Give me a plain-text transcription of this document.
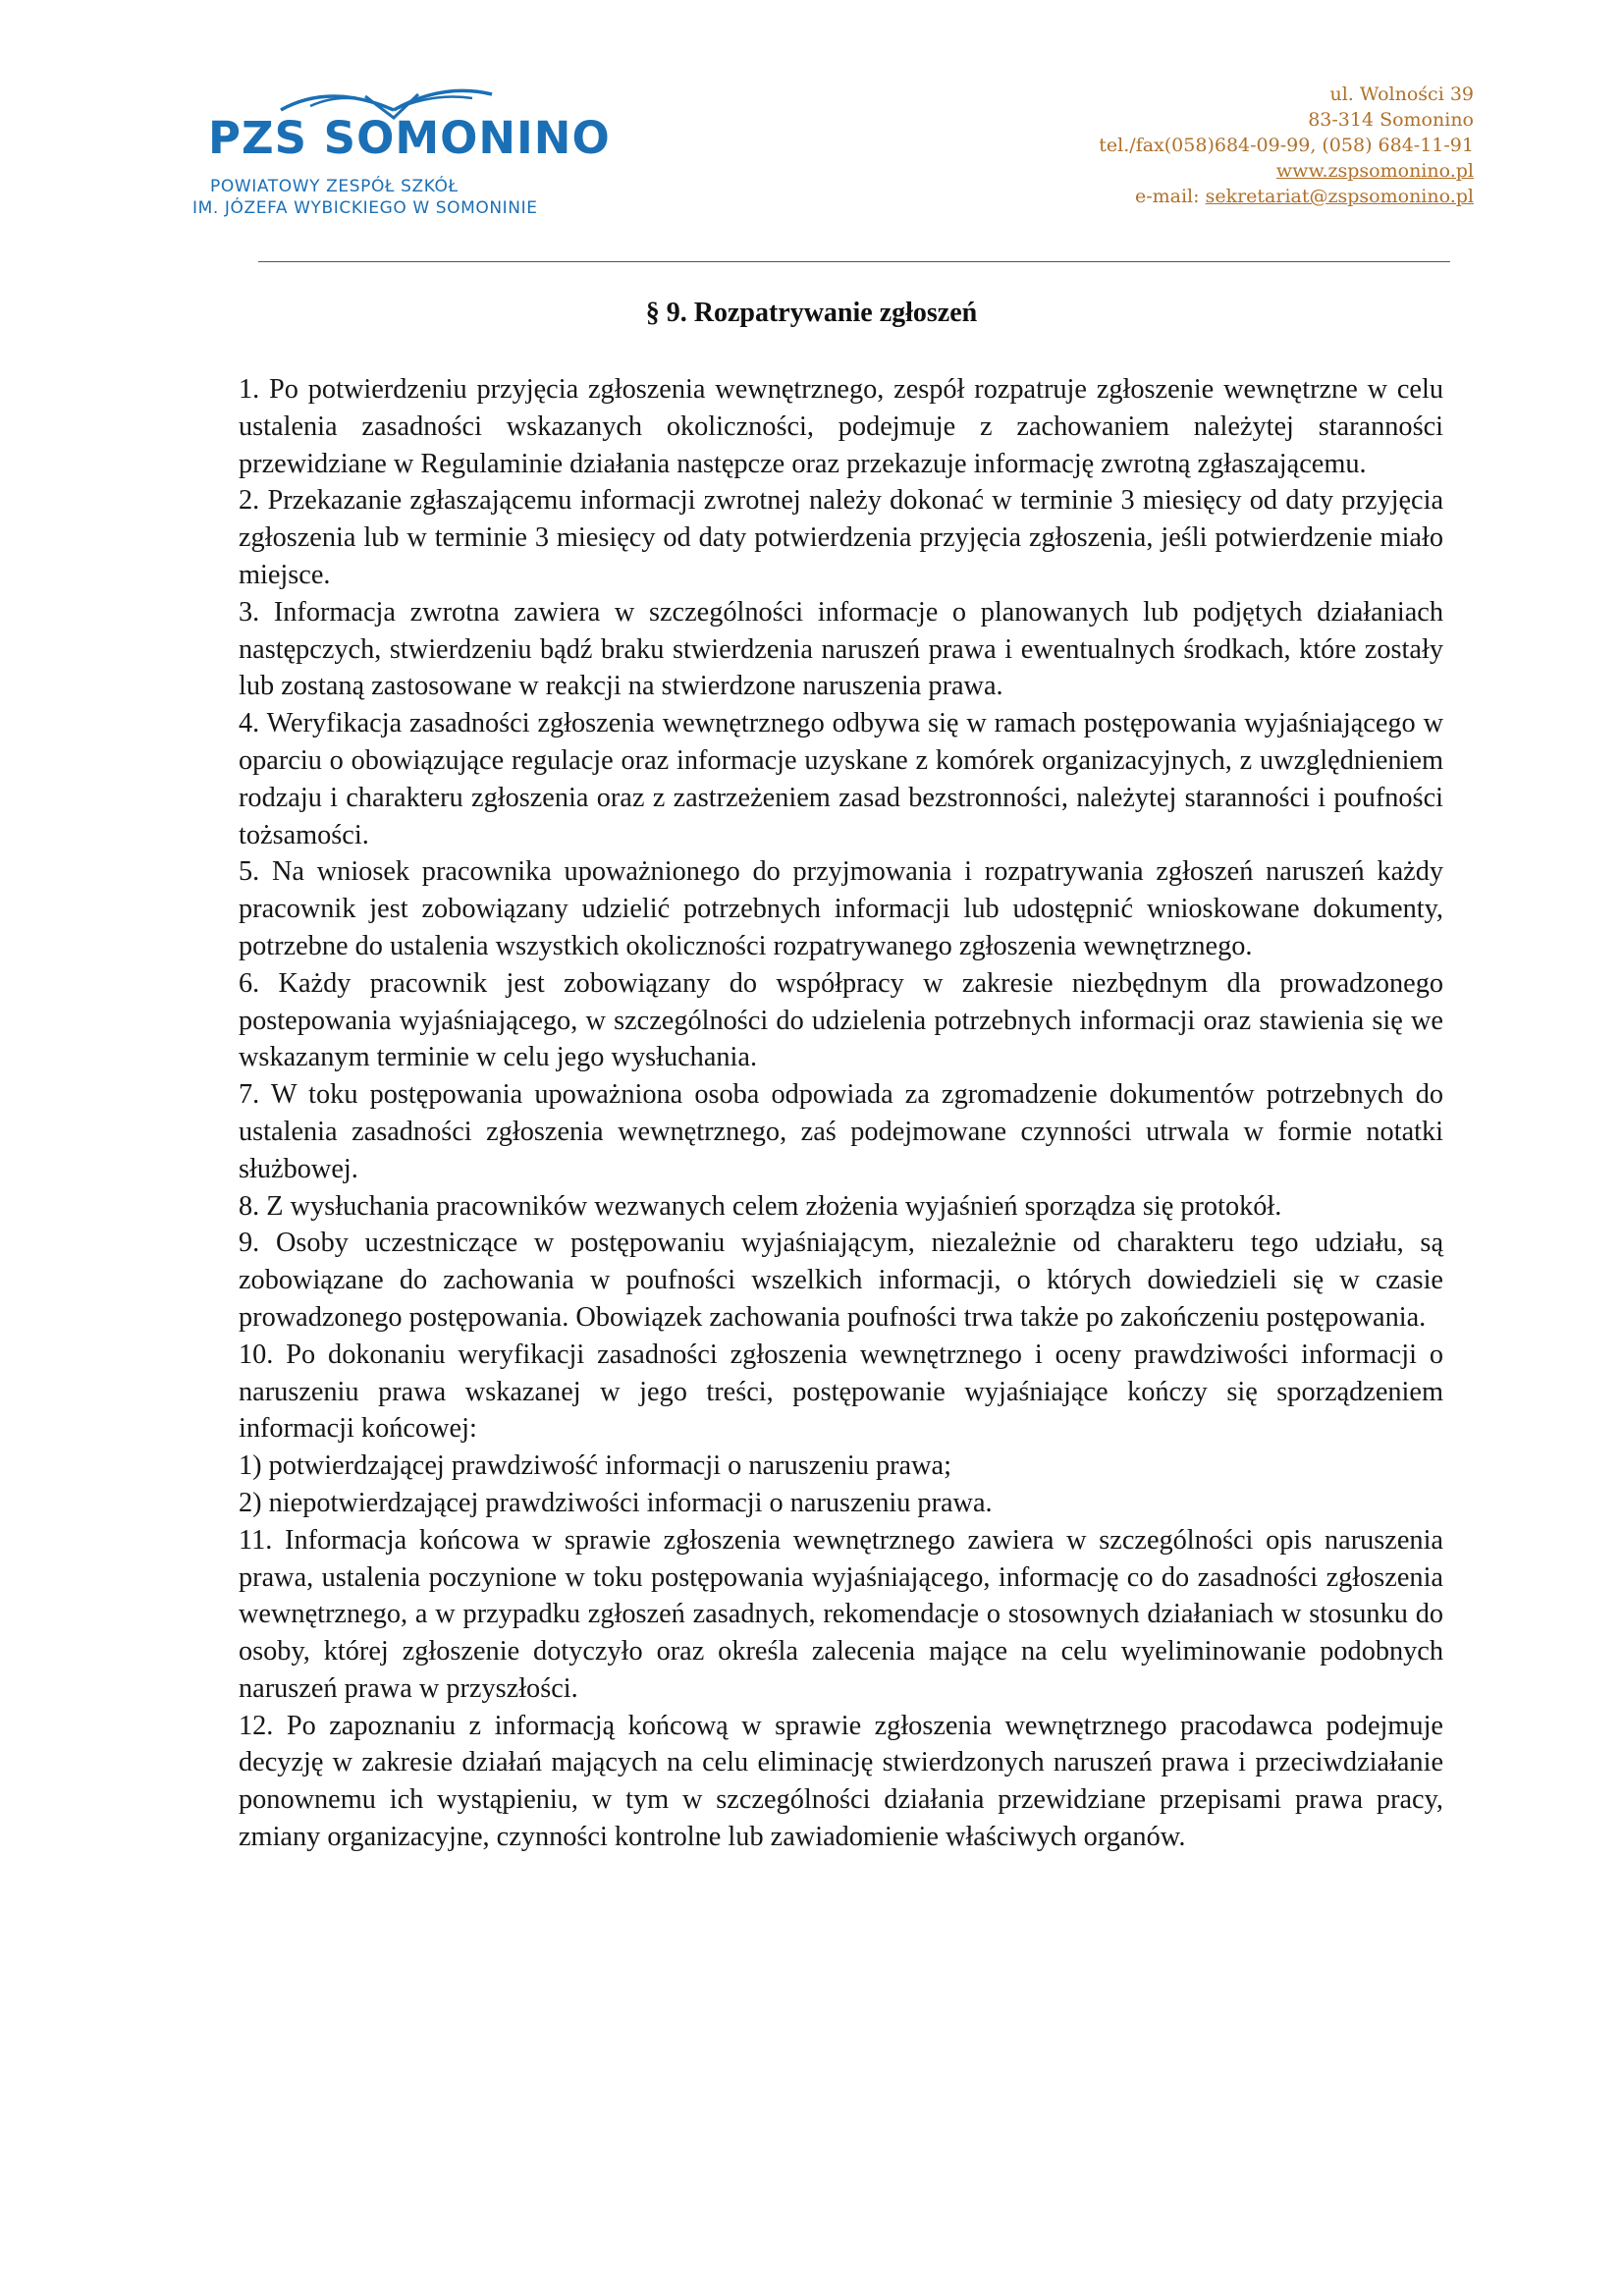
PZS SOMONINO
POWIATOWY ZESPÓŁ SZKÓŁ
IM. JÓZEFA WYBICKIEGO W SOMONINIE
ul. Wolności 39
83-314 Somonino
tel./fax(058)684-09-99, (058) 684-11-91
www.zspsomonino.pl
e-mail: sekretariat@zspsomonino.pl
§ 9. Rozpatrywanie zgłoszeń

1. Po potwierdzeniu przyjęcia zgłoszenia wewnętrznego, zespół rozpatruje zgłoszenie wewnętrzne w celu ustalenia zasadności wskazanych okoliczności, podejmuje z zachowaniem należytej staranności przewidziane w Regulaminie działania następcze oraz przekazuje informację zwrotną zgłaszającemu.

2. Przekazanie zgłaszającemu informacji zwrotnej należy dokonać w terminie 3 miesięcy od daty przyjęcia zgłoszenia lub w terminie 3 miesięcy od daty potwierdzenia przyjęcia zgłoszenia, jeśli potwierdzenie miało miejsce.

3. Informacja zwrotna zawiera w szczególności informacje o planowanych lub podjętych działaniach następczych, stwierdzeniu bądź braku stwierdzenia naruszeń prawa i ewentualnych środkach, które zostały lub zostaną zastosowane w reakcji na stwierdzone naruszenia prawa.

4. Weryfikacja zasadności zgłoszenia wewnętrznego odbywa się w ramach postępowania wyjaśniającego w oparciu o obowiązujące regulacje oraz informacje uzyskane z komórek organizacyjnych, z uwzględnieniem rodzaju i charakteru zgłoszenia oraz z zastrzeżeniem zasad bezstronności, należytej staranności i poufności tożsamości.

5. Na wniosek pracownika upoważnionego do przyjmowania i rozpatrywania zgłoszeń naruszeń każdy pracownik jest zobowiązany udzielić potrzebnych informacji lub udostępnić wnioskowane dokumenty, potrzebne do ustalenia wszystkich okoliczności rozpatrywanego zgłoszenia wewnętrznego.

6. Każdy pracownik jest zobowiązany do współpracy w zakresie niezbędnym dla prowadzonego postepowania wyjaśniającego, w szczególności do udzielenia potrzebnych informacji oraz stawienia się we wskazanym terminie w celu jego wysłuchania.

7. W toku postępowania upoważniona osoba odpowiada za zgromadzenie dokumentów potrzebnych do ustalenia zasadności zgłoszenia wewnętrznego, zaś podejmowane czynności utrwala w formie notatki służbowej.

8. Z wysłuchania pracowników wezwanych celem złożenia wyjaśnień sporządza się protokół.

9. Osoby uczestniczące w postępowaniu wyjaśniającym, niezależnie od charakteru tego udziału, są zobowiązane do zachowania w poufności wszelkich informacji, o których dowiedzieli się w czasie prowadzonego postępowania. Obowiązek zachowania poufności trwa także po zakończeniu postępowania.

10. Po dokonaniu weryfikacji zasadności zgłoszenia wewnętrznego i oceny prawdziwości informacji o naruszeniu prawa wskazanej w jego treści, postępowanie wyjaśniające kończy się sporządzeniem informacji końcowej:

1) potwierdzającej prawdziwość informacji o naruszeniu prawa;

2) niepotwierdzającej prawdziwości informacji o naruszeniu prawa.

11. Informacja końcowa w sprawie zgłoszenia wewnętrznego zawiera w szczególności opis naruszenia prawa, ustalenia poczynione w toku postępowania wyjaśniającego, informację co do zasadności zgłoszenia wewnętrznego, a w przypadku zgłoszeń zasadnych, rekomendacje o stosownych działaniach w stosunku do osoby, której zgłoszenie dotyczyło oraz określa zalecenia mające na celu wyeliminowanie podobnych naruszeń prawa w przyszłości.

12. Po zapoznaniu z informacją końcową w sprawie zgłoszenia wewnętrznego pracodawca podejmuje decyzję w zakresie działań mających na celu eliminację stwierdzonych naruszeń prawa i przeciwdziałanie ponownemu ich wystąpieniu, w tym w szczególności działania przewidziane przepisami prawa pracy, zmiany organizacyjne, czynności kontrolne lub zawiadomienie właściwych organów.
